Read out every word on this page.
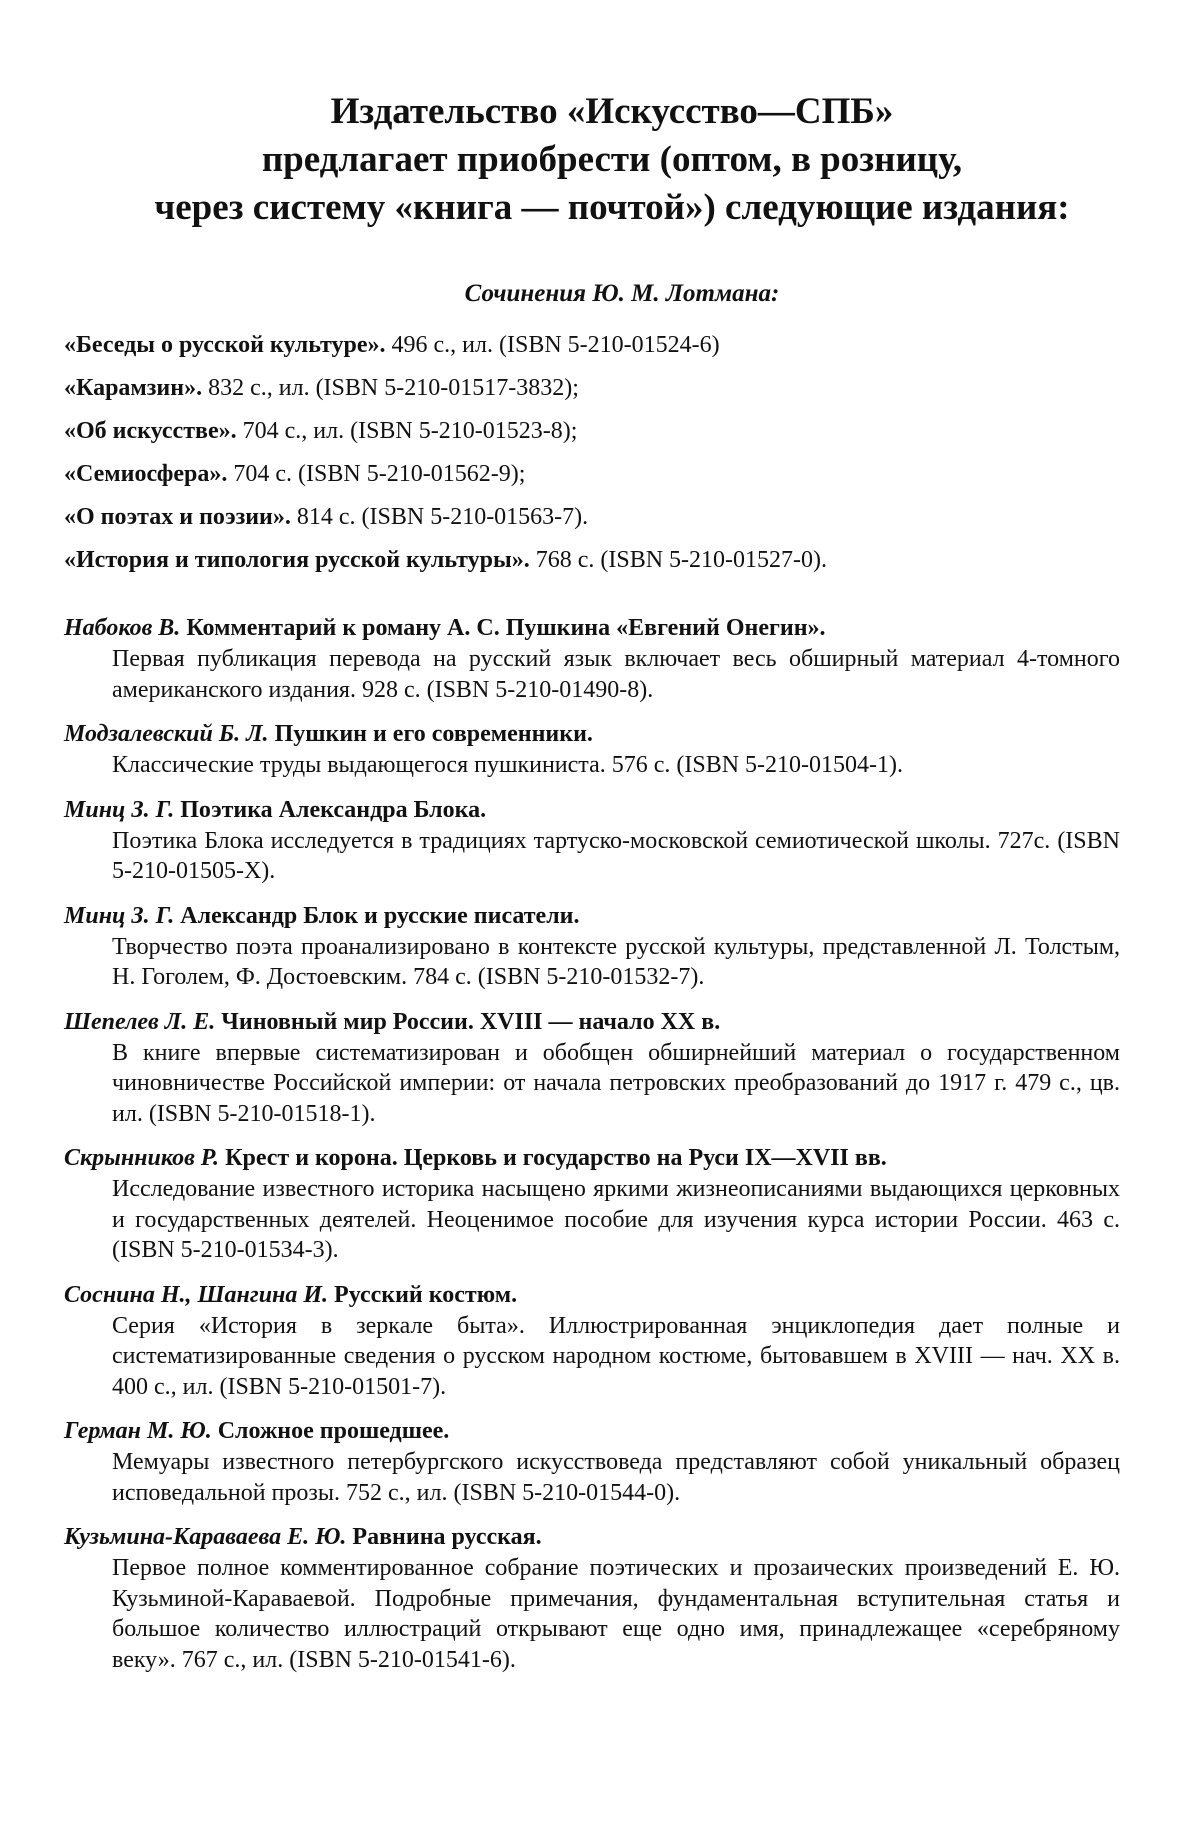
Издательство «Искусство—СПБ»
предлагает приобрести (оптом, в розницу,
через систему «книга — почтой») следующие издания:
Сочинения Ю. М. Лотмана:
«Беседы о русской культуре». 496 с., ил. (ISBN 5-210-01524-6)
«Карамзин». 832 с., ил. (ISBN 5-210-01517-3832);
«Об искусстве». 704 с., ил. (ISBN 5-210-01523-8);
«Семиосфера». 704 с. (ISBN 5-210-01562-9);
«О поэтах и поэзии». 814 с. (ISBN 5-210-01563-7).
«История и типология русской культуры». 768 с. (ISBN 5-210-01527-0).
Набоков В. Комментарий к роману А. С. Пушкина «Евгений Онегин».
Первая публикация перевода на русский язык включает весь обширный материал 4-томного американского издания. 928 с. (ISBN 5-210-01490-8).
Модзалевский Б. Л. Пушкин и его современники.
Классические труды выдающегося пушкиниста. 576 с. (ISBN 5-210-01504-1).
Минц З. Г. Поэтика Александра Блока.
Поэтика Блока исследуется в традициях тартуско-московской семиотической школы. 727с. (ISBN 5-210-01505-X).
Минц З. Г. Александр Блок и русские писатели.
Творчество поэта проанализировано в контексте русской культуры, представленной Л. Толстым, Н. Гоголем, Ф. Достоевским. 784 с. (ISBN 5-210-01532-7).
Шепелев Л. Е. Чиновный мир России. XVIII — начало XX в.
В книге впервые систематизирован и обобщен обширнейший материал о государственном чиновничестве Российской империи: от начала петровских преобразований до 1917 г. 479 с., цв. ил. (ISBN 5-210-01518-1).
Скрынников Р. Крест и корона. Церковь и государство на Руси IX—XVII вв.
Исследование известного историка насыщено яркими жизнеописаниями выдающихся церковных и государственных деятелей. Неоценимое пособие для изучения курса истории России. 463 с. (ISBN 5-210-01534-3).
Соснина Н., Шангина И. Русский костюм.
Серия «История в зеркале быта». Иллюстрированная энциклопедия дает полные и систематизированные сведения о русском народном костюме, бытовавшем в XVIII — нач. XX в. 400 с., ил. (ISBN 5-210-01501-7).
Герман М. Ю. Сложное прошедшее.
Мемуары известного петербургского искусствоведа представляют собой уникальный образец исповедальной прозы. 752 с., ил. (ISBN 5-210-01544-0).
Кузьмина-Караваева Е. Ю. Равнина русская.
Первое полное комментированное собрание поэтических и прозаических произведений Е. Ю. Кузьминой-Караваевой. Подробные примечания, фундаментальная вступительная статья и большое количество иллюстраций открывают еще одно имя, принадлежащее «серебряному веку». 767 с., ил. (ISBN 5-210-01541-6).
